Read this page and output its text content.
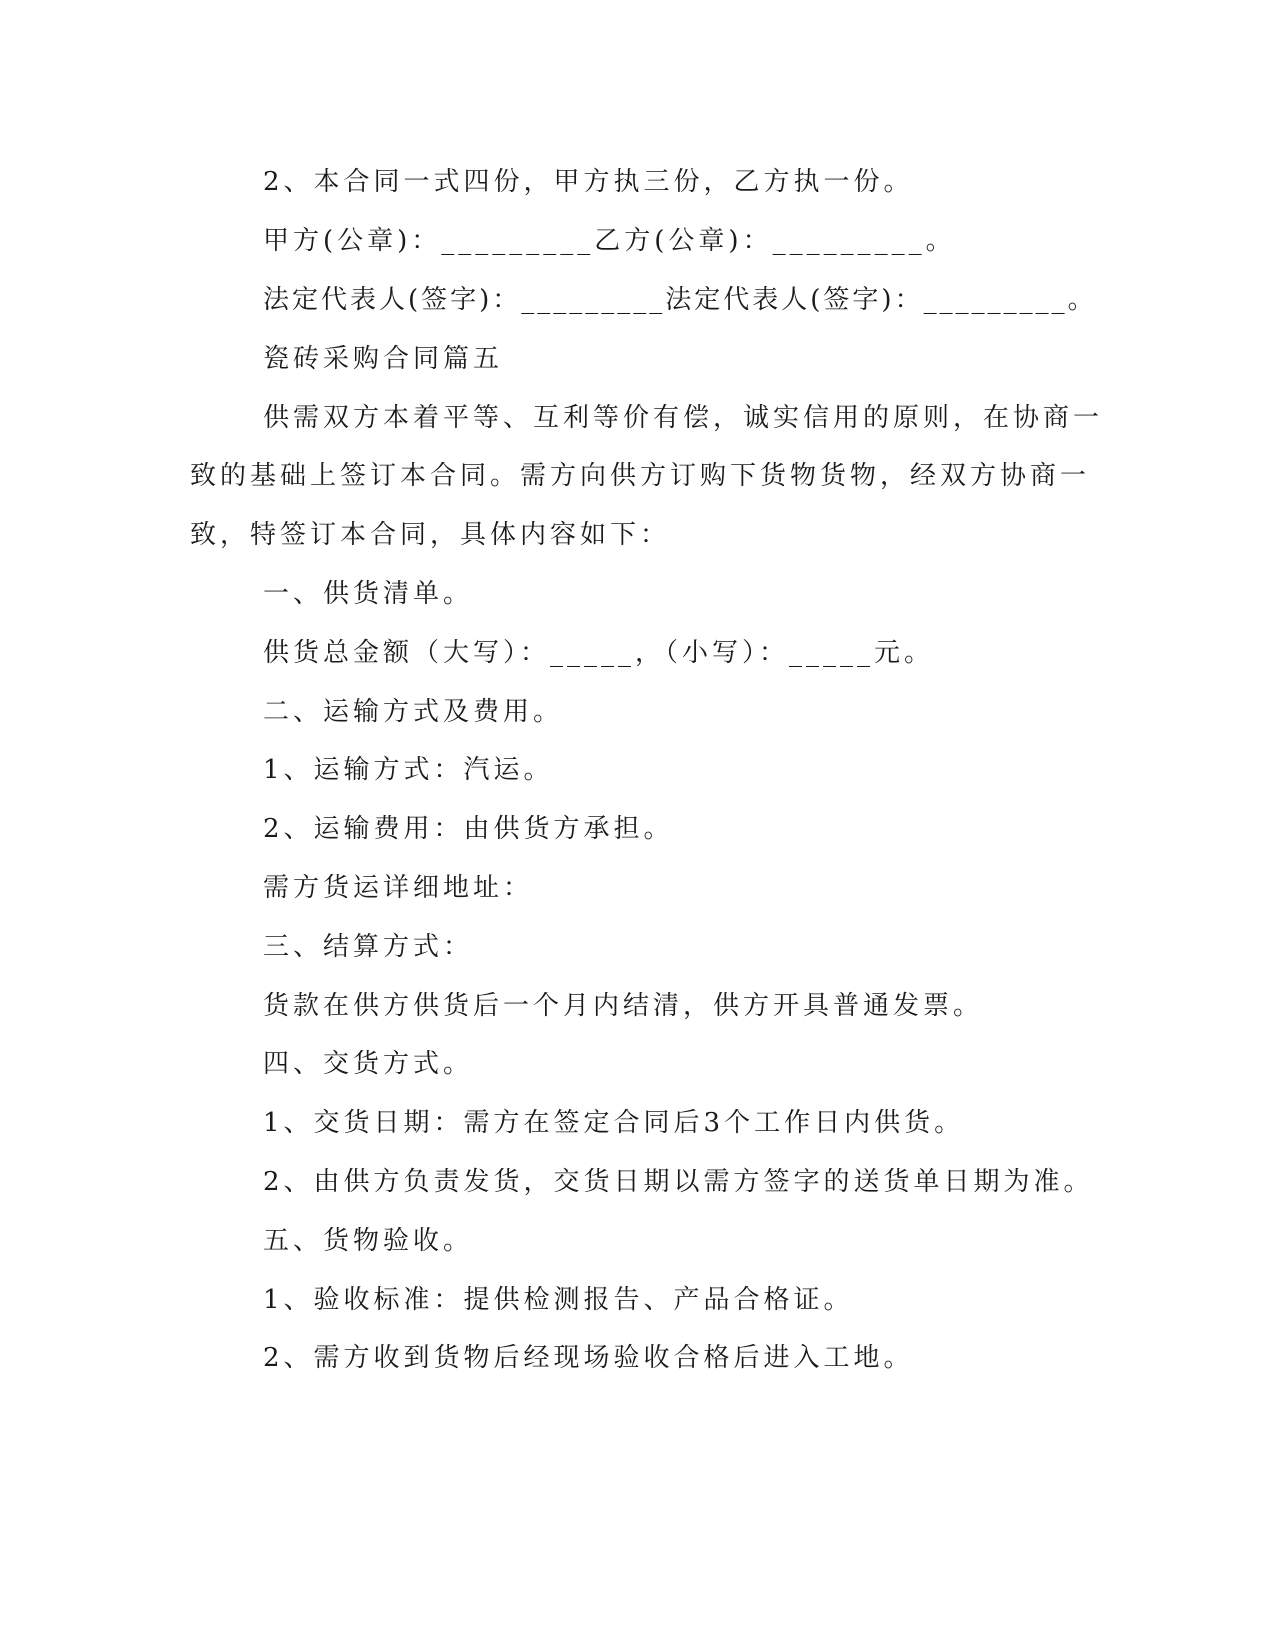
2、本合同一式四份，甲方执三份，乙方执一份。
甲方(公章)：_________乙方(公章)：_________。
法定代表人(签字)：_________法定代表人(签字)：_________。
瓷砖采购合同篇五
供需双方本着平等、互利等价有偿，诚实信用的原则，在协商一
致的基础上签订本合同。需方向供方订购下货物货物，经双方协商一
致，特签订本合同，具体内容如下：
一、供货清单。
供货总金额（大写）：_____，（小写）：_____元。
二、运输方式及费用。
1、运输方式：汽运。
2、运输费用：由供货方承担。
需方货运详细地址：
三、结算方式：
货款在供方供货后一个月内结清，供方开具普通发票。
四、交货方式。
1、交货日期：需方在签定合同后3个工作日内供货。
2、由供方负责发货，交货日期以需方签字的送货单日期为准。
五、货物验收。
1、验收标准：提供检测报告、产品合格证。
2、需方收到货物后经现场验收合格后进入工地。
